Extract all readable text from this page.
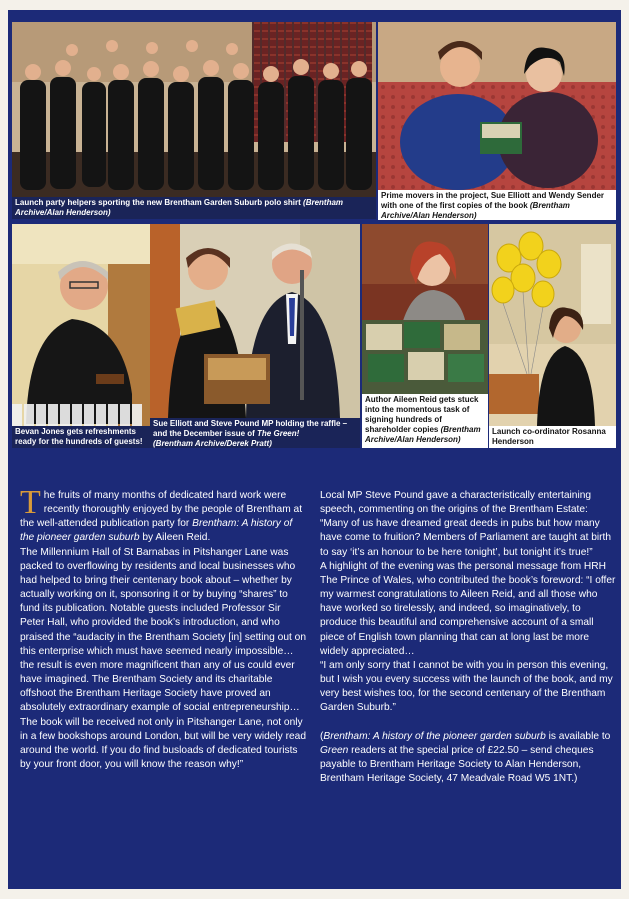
Launch party helpers sporting the new Brentham Garden Suburb polo shirt (Brentham Archive/Alan Henderson)
Prime movers in the project, Sue Elliott and Wendy Sender with one of the first copies of the book (Brentham Archive/Alan Henderson)
Bevan Jones gets refreshments ready for the hundreds of guests!
Sue Elliott and Steve Pound MP holding the raffle – and the December issue of The Green!
(Brentham Archive/Derek Pratt)
Author Aileen Reid gets stuck into the momentous task of signing hundreds of shareholder copies (Brentham Archive/Alan Henderson)
Launch co-ordinator Rosanna Henderson

The fruits of many months of dedicated hard work were recently thoroughly enjoyed by the people of Brentham at the well-attended publication party for Brentham: A history of the pioneer garden suburb by Aileen Reid.

The Millennium Hall of St Barnabas in Pitshanger Lane was packed to overflowing by residents and local businesses who had helped to bring their centenary book about – whether by actually working on it, sponsoring it or by buying “shares” to fund its publication. Notable guests included Professor Sir Peter Hall, who provided the book’s introduction, and who praised the “audacity in the Brentham Society [in] setting out on this enterprise which must have seemed nearly impossible… the result is even more magnificent than any of us could ever have imagined. The Brentham Society and its charitable offshoot the Brentham Heritage Society have proved an absolutely extraordinary example of social entrepreneurship… The book will be received not only in Pitshanger Lane, not only in a few bookshops around London, but will be very widely read around the world. If you do find busloads of dedicated tourists by your front door, you will know the reason why!”

Local MP Steve Pound gave a characteristically entertaining speech, commenting on the origins of the Brentham Estate: “Many of us have dreamed great deeds in pubs but how many have come to fruition? Members of Parliament are taught at birth to say ‘it’s an honour to be here tonight’, but tonight it’s true!”

A highlight of the evening was the personal message from HRH The Prince of Wales, who contributed the book’s foreword: “I offer my warmest congratulations to Aileen Reid, and all those who have worked so tirelessly, and indeed, so imaginatively, to produce this beautiful and comprehensive account of a small piece of English town planning that can at long last be more widely appreciated…

“I am only sorry that I cannot be with you in person this evening, but I wish you every success with the launch of the book, and my very best wishes too, for the second centenary of the Brentham Garden Suburb.”

(Brentham: A history of the pioneer garden suburb is available to Green readers at the special price of £22.50 – send cheques payable to Brentham Heritage Society to Alan Henderson, Brentham Heritage Society, 47 Meadvale Road W5 1NT.)
